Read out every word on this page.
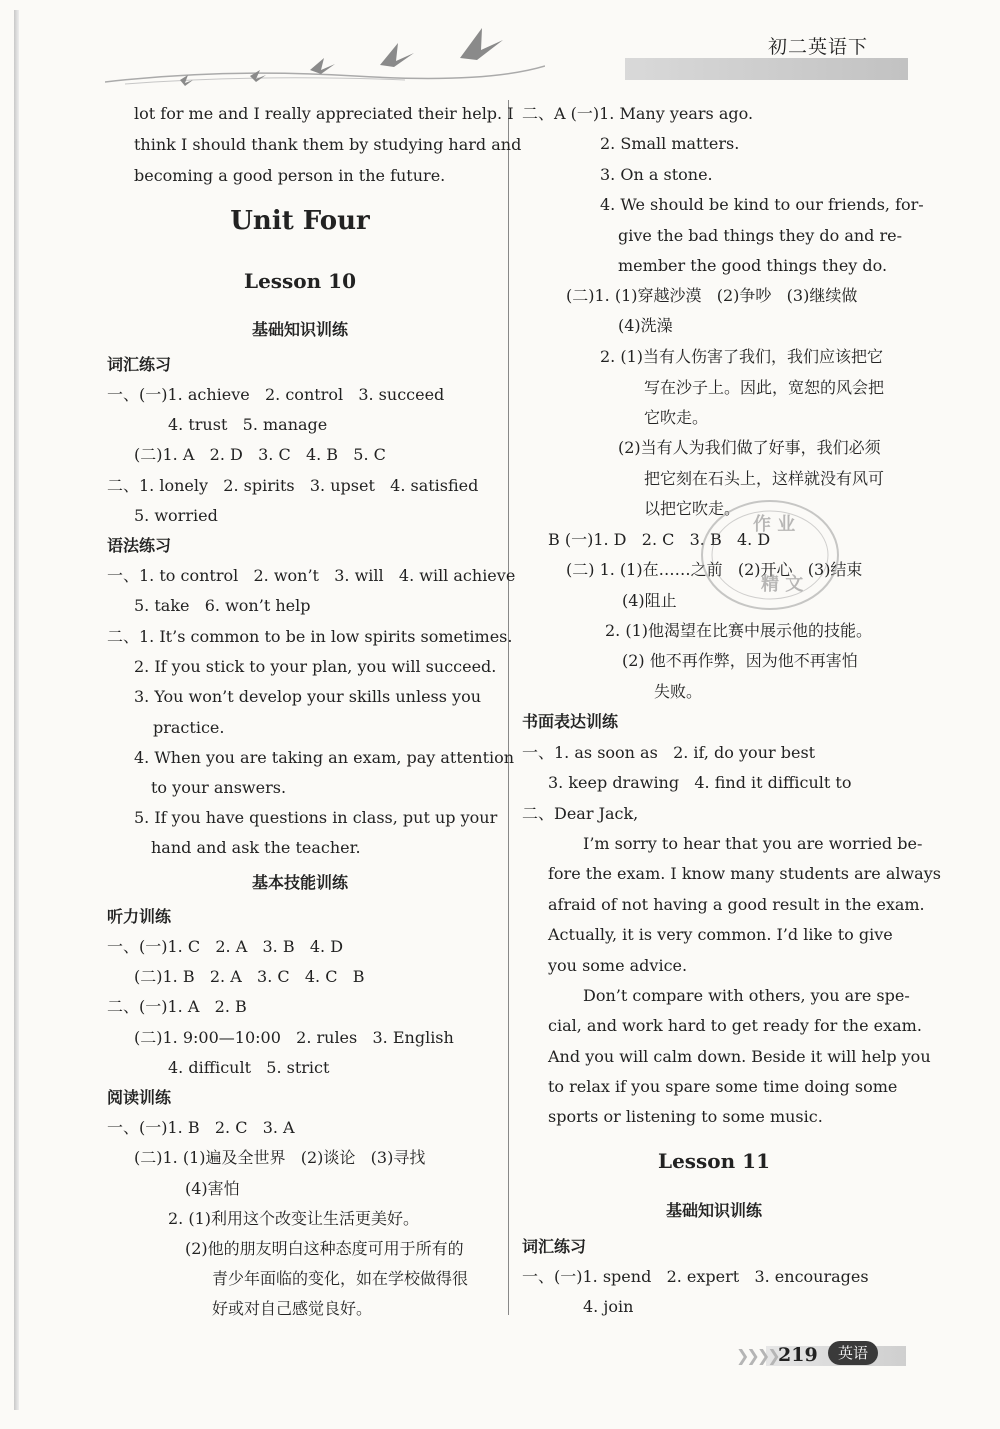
初二英语下
lot for me and I really appreciated their help. I
think I should thank them by studying hard and
becoming a good person in the future.
Unit Four
Lesson 10
基础知识训练
词汇练习
一、(一)1. achieve   2. control   3. succeed
4. trust   5. manage
(二)1. A   2. D   3. C   4. B   5. C
二、1. lonely   2. spirits   3. upset   4. satisfied
5. worried
语法练习
一、1. to control   2. won’t   3. will   4. will achieve
5. take   6. won’t help
二、1. It’s common to be in low spirits sometimes.
2. If you stick to your plan, you will succeed.
3. You won’t develop your skills unless you
practice.
4. When you are taking an exam, pay attention
to your answers.
5. If you have questions in class, put up your
hand and ask the teacher.
基本技能训练
听力训练
一、(一)1. C   2. A   3. B   4. D
(二)1. B   2. A   3. C   4. C   B
二、(一)1. A   2. B
(二)1. 9:00—10:00   2. rules   3. English
4. difficult   5. strict
阅读训练
一、(一)1. B   2. C   3. A
(二)1. (1)遍及全世界   (2)谈论   (3)寻找
(4)害怕
2. (1)利用这个改变让生活更美好。
(2)他的朋友明白这种态度可用于所有的
青少年面临的变化，如在学校做得很
好或对自己感觉良好。
二、A (一)1. Many years ago.
2. Small matters.
3. On a stone.
4. We should be kind to our friends, for-
give the bad things they do and re-
member the good things they do.
(二)1. (1)穿越沙漠   (2)争吵   (3)继续做
(4)洗澡
2. (1)当有人伤害了我们，我们应该把它
写在沙子上。因此，宽恕的风会把
它吹走。
(2)当有人为我们做了好事，我们必须
把它刻在石头上，这样就没有风可
以把它吹走。
B (一)1. D   2. C   3. B   4. D
(二) 1. (1)在……之前   (2)开心   (3)结束
(4)阻止
2. (1)他渴望在比赛中展示他的技能。
(2) 他不再作弊，因为他不再害怕
失败。
书面表达训练
一、1. as soon as   2. if, do your best
3. keep drawing   4. find it difficult to
二、Dear Jack,
I’m sorry to hear that you are worried be-
fore the exam. I know many students are always
afraid of not having a good result in the exam.
Actually, it is very common. I’d like to give
you some advice.
Don’t compare with others, you are spe-
cial, and work hard to get ready for the exam.
And you will calm down. Beside it will help you
to relax if you spare some time doing some
sports or listening to some music.
Lesson 11
基础知识训练
词汇练习
一、(一)1. spend   2. expert   3. encourages
4. join
作 业
精 文
❯❯❯❯ 219	英语
